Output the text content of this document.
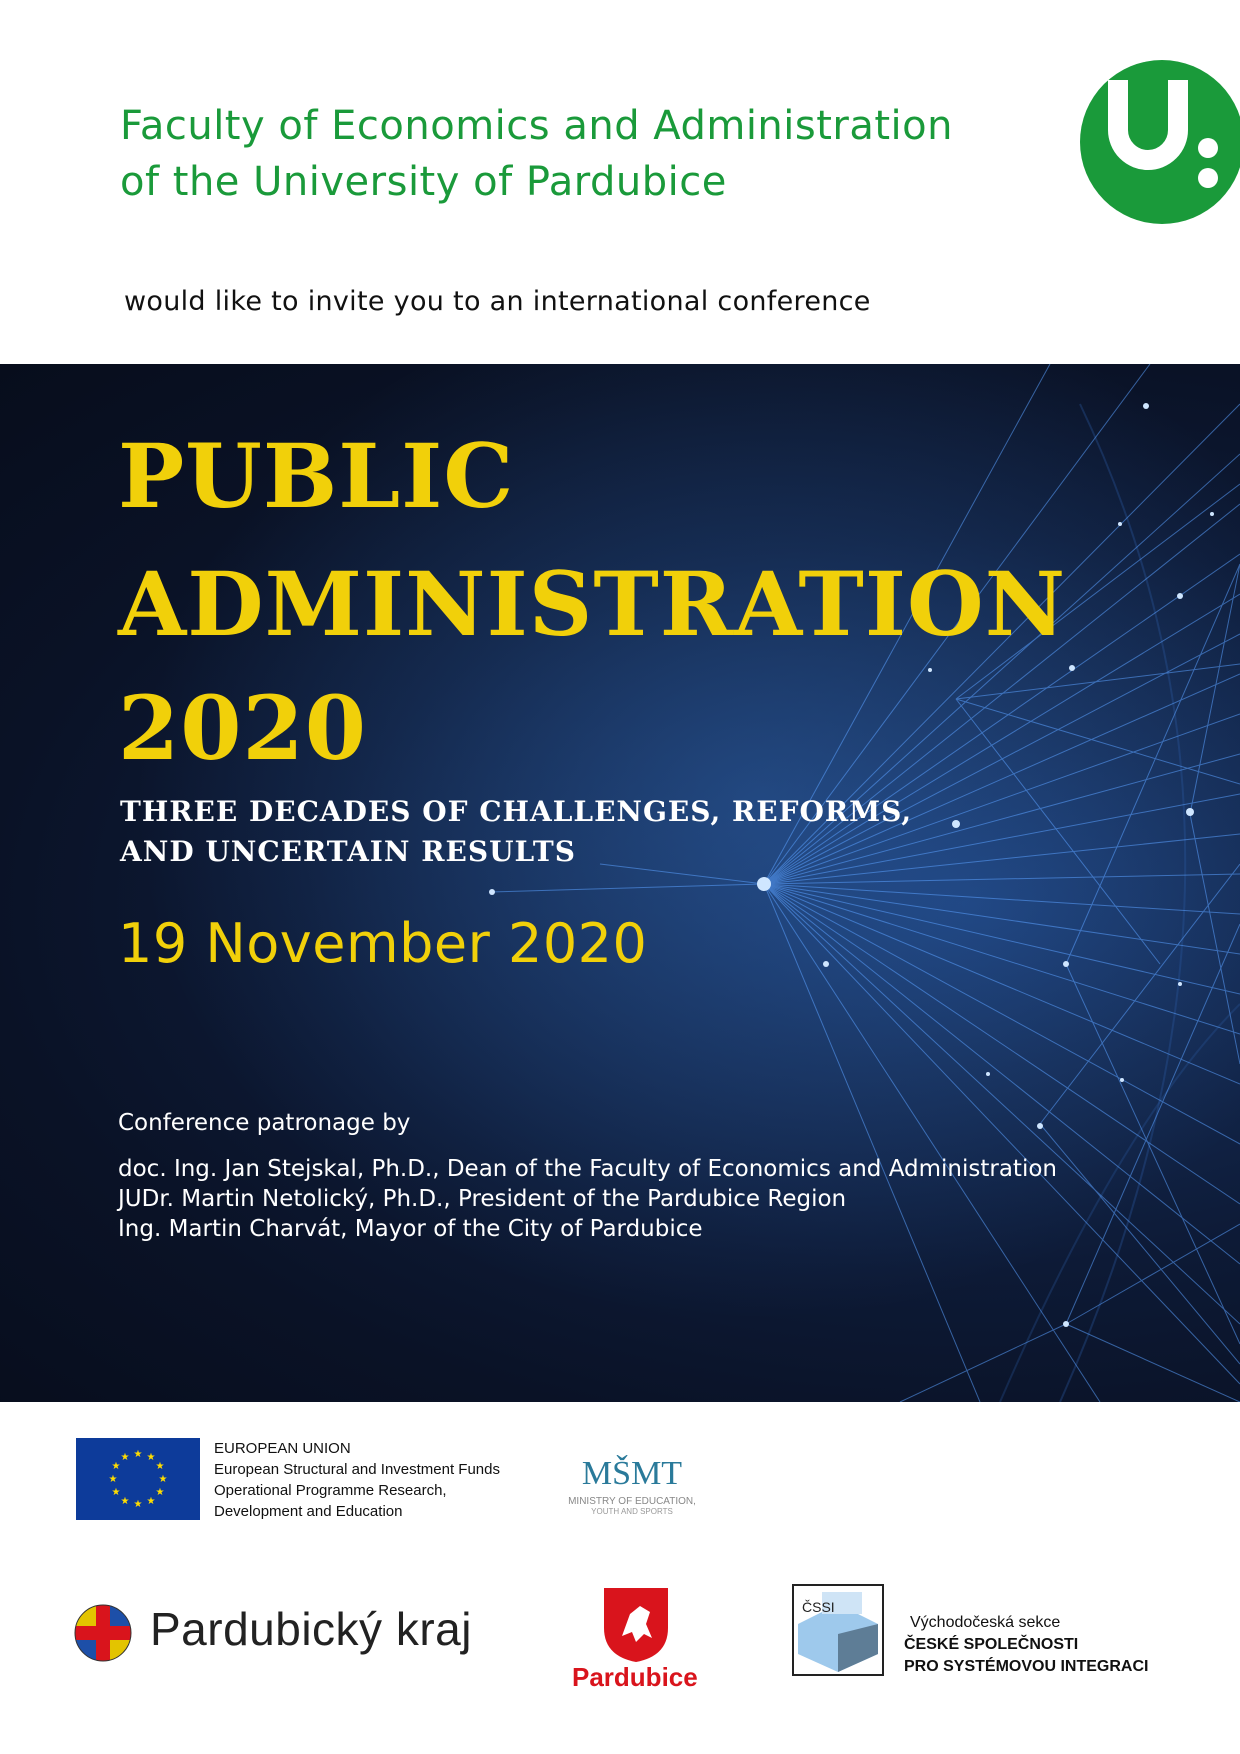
Faculty of Economics and Administration
of the University of Pardubice
would like to invite you to an international conference
PUBLIC
ADMINISTRATION
2020
THREE DECADES OF CHALLENGES, REFORMS,
AND UNCERTAIN RESULTS
19 November 2020
Conference patronage by
doc. Ing. Jan Stejskal, Ph.D., Dean of the Faculty of Economics and Administration
JUDr. Martin Netolický, Ph.D., President of the Pardubice Region
Ing. Martin Charvát, Mayor of the City of Pardubice
★ ★
★
★
★
★
★
★
★
★
★
★
EUROPEAN UNION
European Structural and Investment Funds
Operational Programme Research,
Development and Education
MŠMT
MINISTRY OF EDUCATION,
YOUTH AND SPORTS
Pardubický kraj
Pardubice
ČSSI
Východočeská sekce
ČESKÉ SPOLEČNOSTI
PRO SYSTÉMOVOU INTEGRACI
